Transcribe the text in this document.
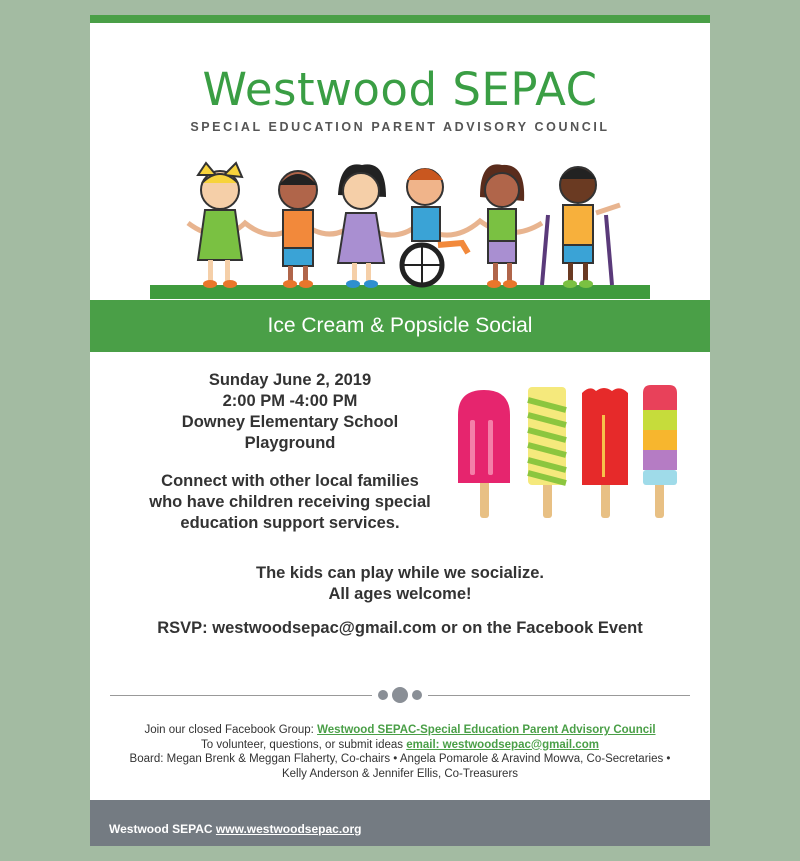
Westwood SEPAC
SPECIAL EDUCATION PARENT ADVISORY COUNCIL
Ice Cream & Popsicle Social
Sunday June 2, 2019
2:00 PM -4:00 PM
Downey Elementary School
Playground
Connect with other local families
who have children receiving special
education support services.
The kids can play while we socialize.
All ages welcome!
RSVP: westwoodsepac@gmail.com or on the Facebook Event
Join our closed Facebook Group: Westwood SEPAC-Special Education Parent Advisory Council
To volunteer, questions, or submit ideas email: westwoodsepac@gmail.com
Board: Megan Brenk & Meggan Flaherty, Co-chairs • Angela Pomarole & Aravind Mowva, Co-Secretaries •
Kelly Anderson & Jennifer Ellis, Co-Treasurers
Westwood SEPAC www.westwoodsepac.org
